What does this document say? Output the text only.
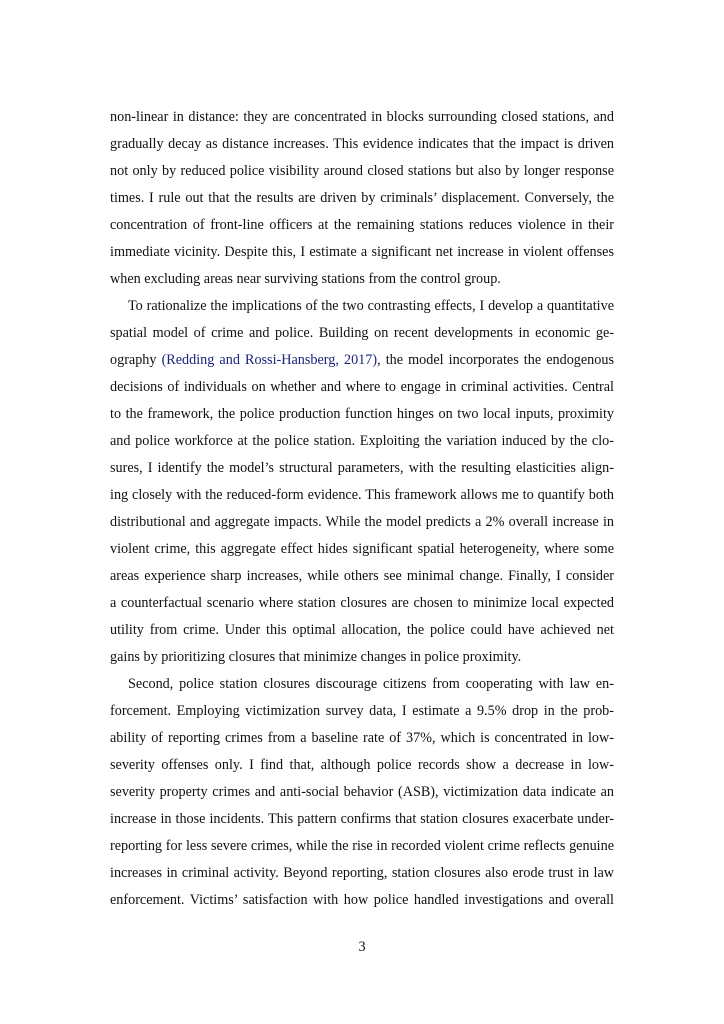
non-linear in distance: they are concentrated in blocks surrounding closed stations, and
gradually decay as distance increases. This evidence indicates that the impact is driven
not only by reduced police visibility around closed stations but also by longer response
times. I rule out that the results are driven by criminals’ displacement. Conversely, the
concentration of front-line officers at the remaining stations reduces violence in their
immediate vicinity. Despite this, I estimate a significant net increase in violent offenses
when excluding areas near surviving stations from the control group.
To rationalize the implications of the two contrasting effects, I develop a quantitative
spatial model of crime and police. Building on recent developments in economic ge-
ography (Redding and Rossi-Hansberg, 2017), the model incorporates the endogenous
decisions of individuals on whether and where to engage in criminal activities. Central
to the framework, the police production function hinges on two local inputs, proximity
and police workforce at the police station. Exploiting the variation induced by the clo-
sures, I identify the model’s structural parameters, with the resulting elasticities align-
ing closely with the reduced-form evidence. This framework allows me to quantify both
distributional and aggregate impacts. While the model predicts a 2% overall increase in
violent crime, this aggregate effect hides significant spatial heterogeneity, where some
areas experience sharp increases, while others see minimal change. Finally, I consider
a counterfactual scenario where station closures are chosen to minimize local expected
utility from crime. Under this optimal allocation, the police could have achieved net
gains by prioritizing closures that minimize changes in police proximity.
Second, police station closures discourage citizens from cooperating with law en-
forcement. Employing victimization survey data, I estimate a 9.5% drop in the prob-
ability of reporting crimes from a baseline rate of 37%, which is concentrated in low-
severity offenses only. I find that, although police records show a decrease in low-
severity property crimes and anti-social behavior (ASB), victimization data indicate an
increase in those incidents. This pattern confirms that station closures exacerbate under-
reporting for less severe crimes, while the rise in recorded violent crime reflects genuine
increases in criminal activity. Beyond reporting, station closures also erode trust in law
enforcement. Victims’ satisfaction with how police handled investigations and overall
3
